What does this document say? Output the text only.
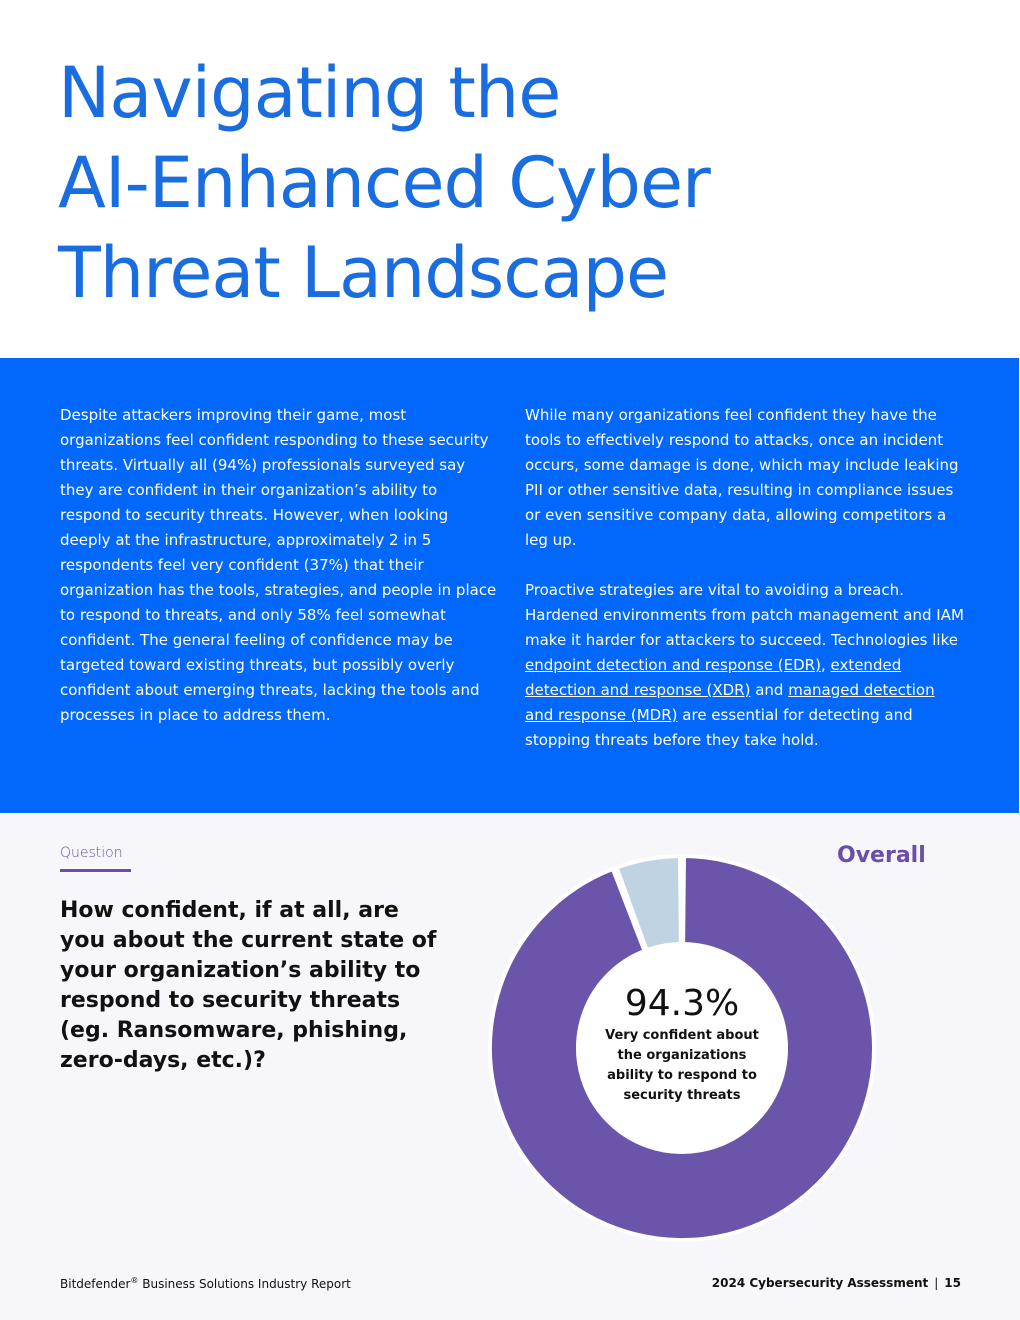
Navigating the
AI-Enhanced Cyber
Threat Landscape

Despite attackers improving their game, most organizations feel confident responding to these security threats. Virtually all (94%) professionals surveyed say they are confident in their organization’s ability to respond to security threats. However, when looking deeply at the infrastructure, approximately 2 in 5 respondents feel very confident (37%) that their organization has the tools, strategies, and people in place to respond to threats, and only 58% feel somewhat confident. The general feeling of confidence may be targeted toward existing threats, but possibly overly confident about emerging threats, lacking the tools and processes in place to address them.

While many organizations feel confident they have the tools to effectively respond to attacks, once an incident occurs, some damage is done, which may include leaking PII or other sensitive data, resulting in compliance issues or even sensitive company data, allowing competitors a leg up.

Proactive strategies are vital to avoiding a breach. Hardened environments from patch management and IAM make it harder for attackers to succeed. Technologies like endpoint detection and response (EDR), extended detection and response (XDR) and managed detection and response (MDR) are essential for detecting and stopping threats before they take hold.

Question

How confident, if at all, are you about the current state of your organization’s ability to respond to security threats (eg. Ransomware, phishing, zero-days, etc.)?

Overall
94.3%
Very confident about the organizations ability to respond to security threats
Bitdefender® Business Solutions Industry Report	2024 Cybersecurity Assessment | 15
